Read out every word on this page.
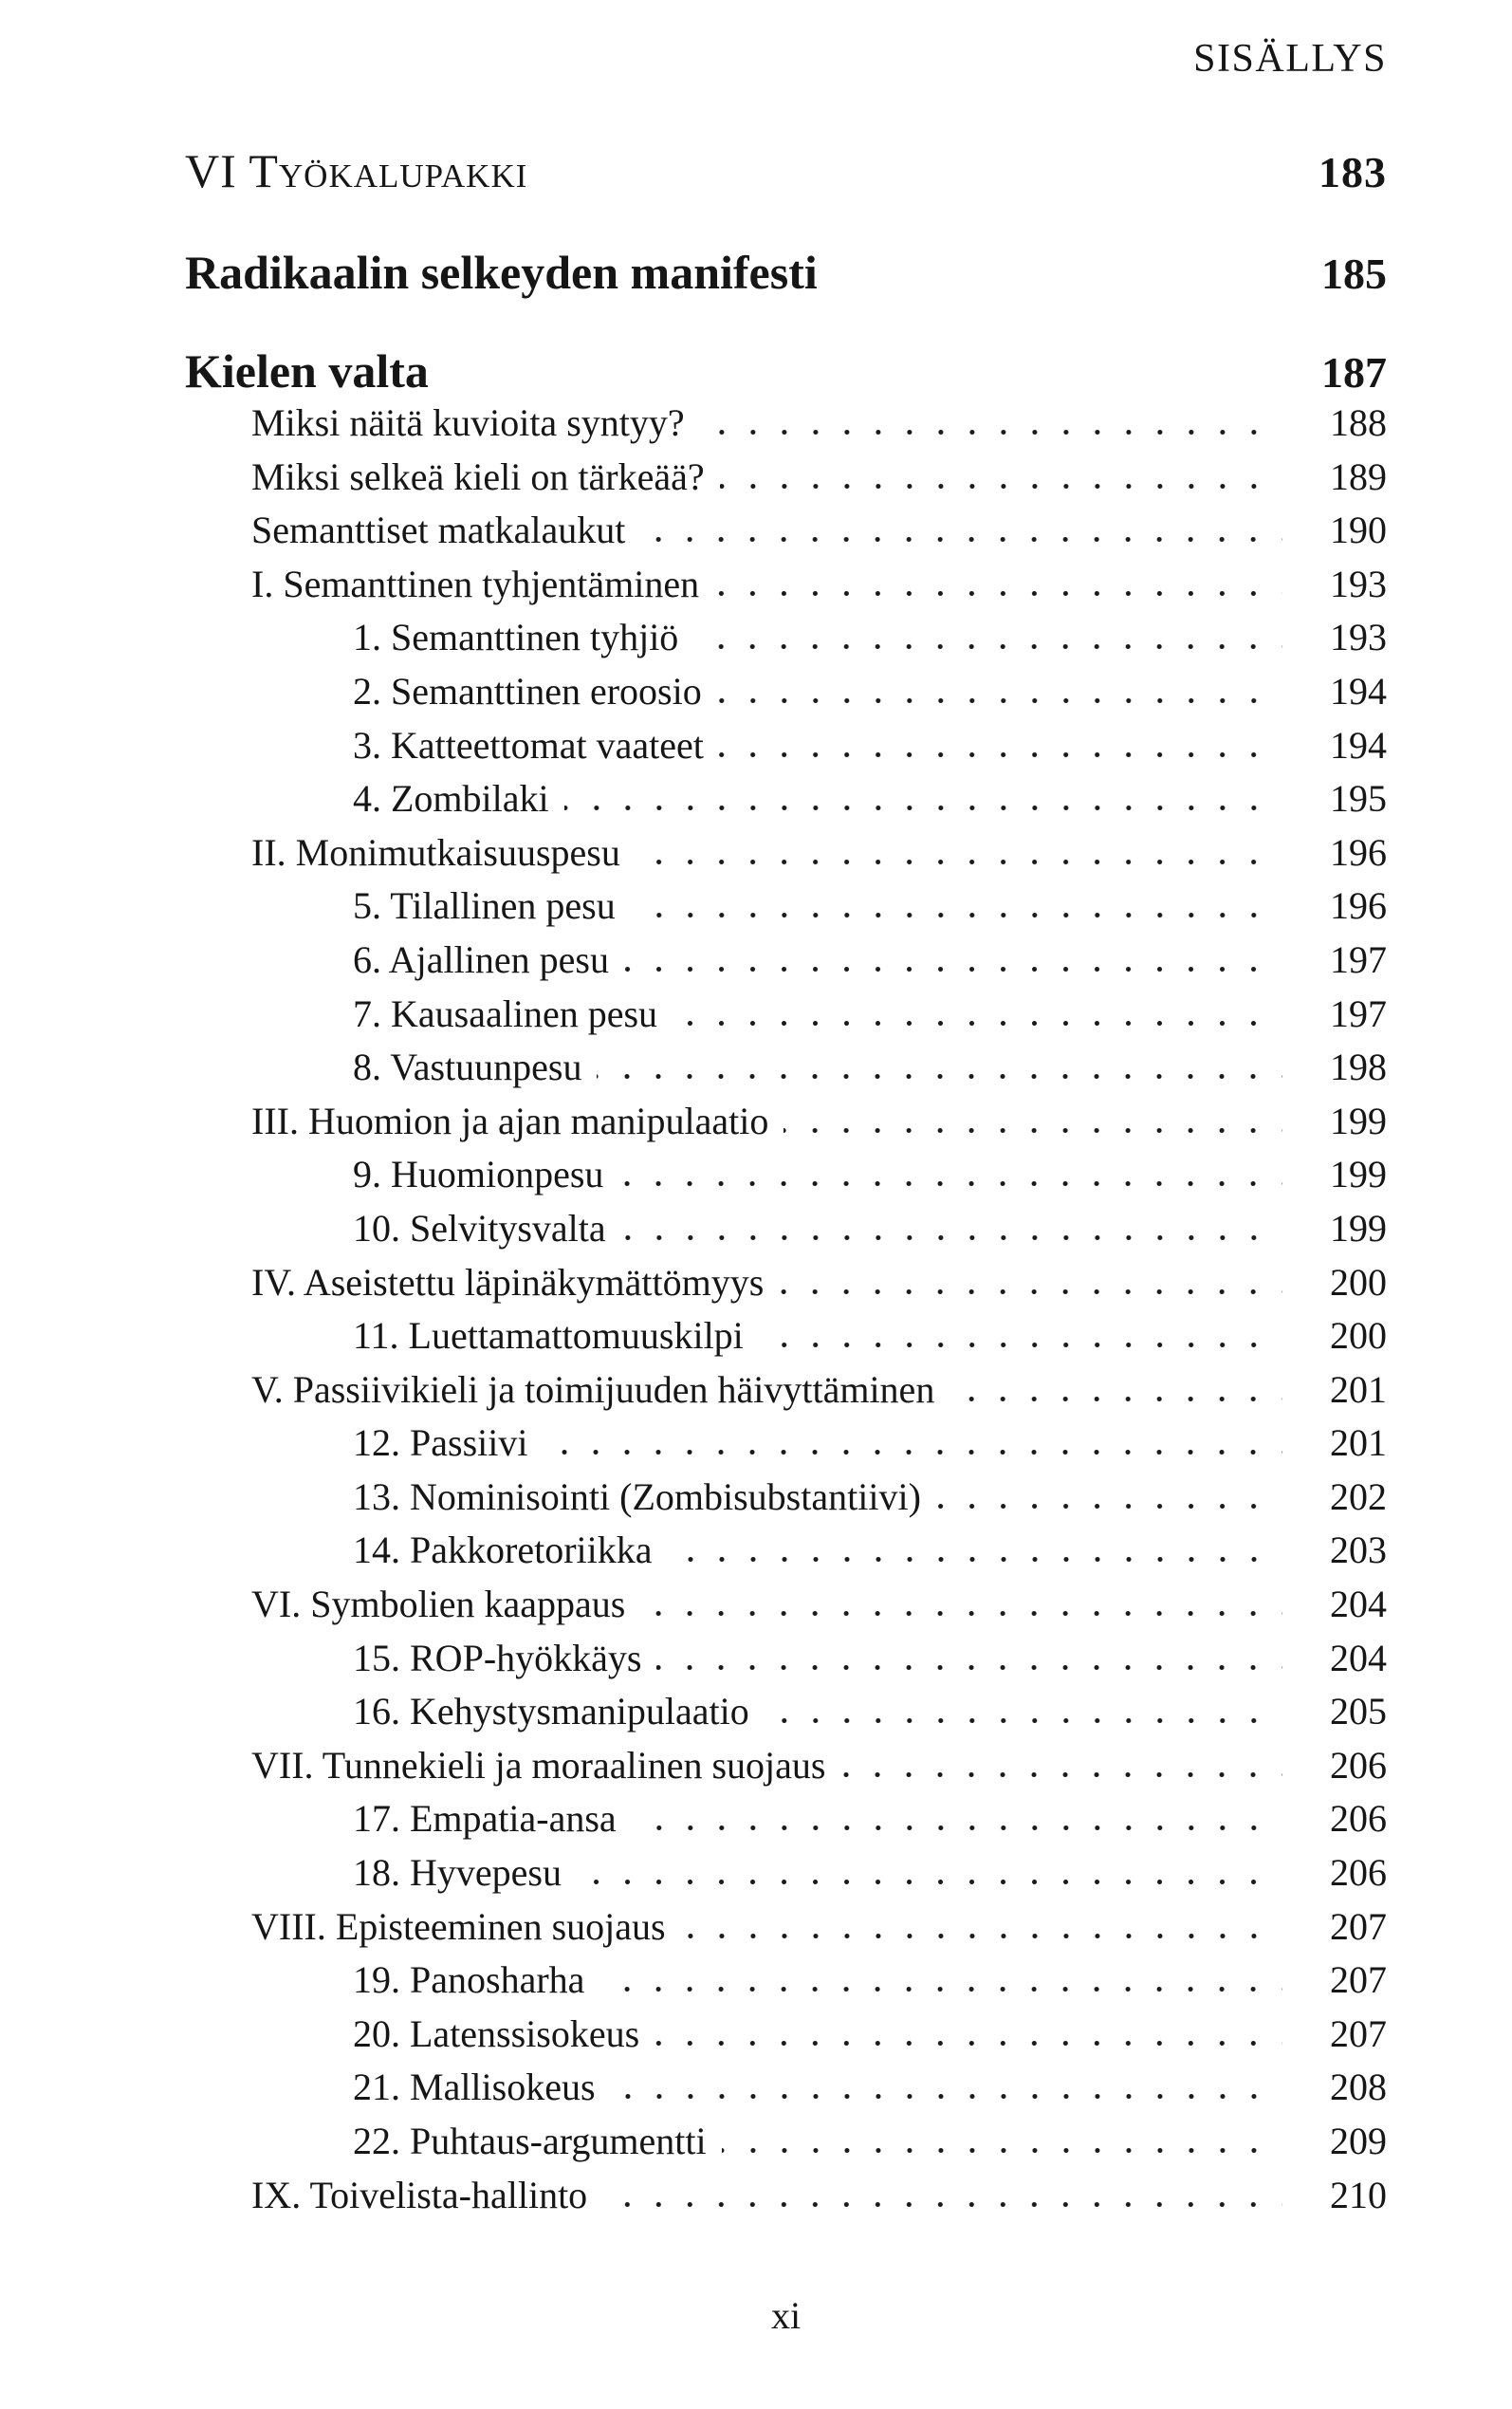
SISÄLLYS
VI Työkalupakki	183
Radikaalin selkeyden manifesti	185
Kielen valta	187
Miksi näitä kuvioita syntyy?	188
Miksi selkeä kieli on tärkeää?	189
Semanttiset matkalaukut	190
I. Semanttinen tyhjentäminen	193
1. Semanttinen tyhjiö	193
2. Semanttinen eroosio	194
3. Katteettomat vaateet	194
4. Zombilaki	195
II. Monimutkaisuuspesu	196
5. Tilallinen pesu	196
6. Ajallinen pesu	197
7. Kausaalinen pesu	197
8. Vastuunpesu	198
III. Huomion ja ajan manipulaatio	199
9. Huomionpesu	199
10. Selvitysvalta	199
IV. Aseistettu läpinäkymättömyys	200
11. Luettamattomuuskilpi	200
V. Passiivikieli ja toimijuuden häivyttäminen	201
12. Passiivi	201
13. Nominisointi (Zombisubstantiivi)	202
14. Pakkoretoriikka	203
VI. Symbolien kaappaus	204
15. ROP-hyökkäys	204
16. Kehystysmanipulaatio	205
VII. Tunnekieli ja moraalinen suojaus	206
17. Empatia-ansa	206
18. Hyvepesu	206
VIII. Episteeminen suojaus	207
19. Panosharha	207
20. Latenssisokeus	207
21. Mallisokeus	208
22. Puhtaus-argumentti	209
IX. Toivelista-hallinto	210
xi
